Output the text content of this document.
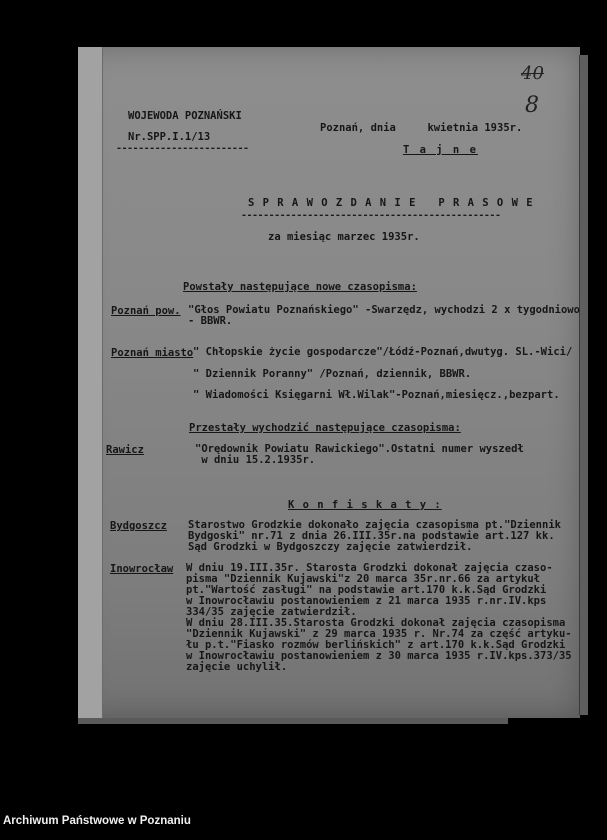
40
8
WOJEWODA POZNAŃSKI
Nr.SPP.I.1/13
------------------------
Poznań, dnia     kwietnia 1935r.
T a j n e
S P R A W O Z D A N I E   P R A S O W E
-----------------------------------------------
za miesiąc marzec 1935r.
Powstały następujące nowe czasopisma:
Poznań pow. "Głos Powiatu Poznańskiego" -Swarzędz, wychodzi 2 x tygodniowo
- BBWR.
Poznań miasto " Chłopskie życie gospodarcze"/Łódź-Poznań,dwutyg. SL.-Wici/
" Dziennik Poranny" /Poznań, dziennik, BBWR.
" Wiadomości Księgarni Wł.Wilak"-Poznań,miesięcz.,bezpart.
Przestały wychodzić następujące czasopisma:
Rawicz	"Orędownik Powiatu Rawickiego".Ostatni numer wyszedł
w dniu 15.2.1935r.
K o n f i s k a t y :
Bydgoszcz Starostwo Grodzkie dokonało zajęcia czasopisma pt."Dziennik
Bydgoski" nr.71 z dnia 26.III.35r.na podstawie art.127 kk.
Sąd Grodzki w Bydgoszczy zajęcie zatwierdził.
Inowrocław W dniu 19.III.35r. Starosta Grodzki dokonał zajęcia czaso-
pisma "Dziennik Kujawski"z 20 marca 35r.nr.66 za artykuł
pt."Wartość zasługi" na podstawie art.170 k.k.Sąd Grodzki
w Inowrocławiu postanowieniem z 21 marca 1935 r.nr.IV.kps
334/35 zajęcie zatwierdził.
W dniu 28.III.35.Starosta Grodzki dokonał zajęcia czasopisma
"Dziennik Kujawski" z 29 marca 1935 r. Nr.74 za część artyku-
łu p.t."Fiasko rozmów berlińskich" z art.170 k.k.Sąd Grodzki
w Inowrocławiu postanowieniem z 30 marca 1935 r.IV.kps.373/35
zajęcie uchylił.
Archiwum Państwowe w Poznaniu
